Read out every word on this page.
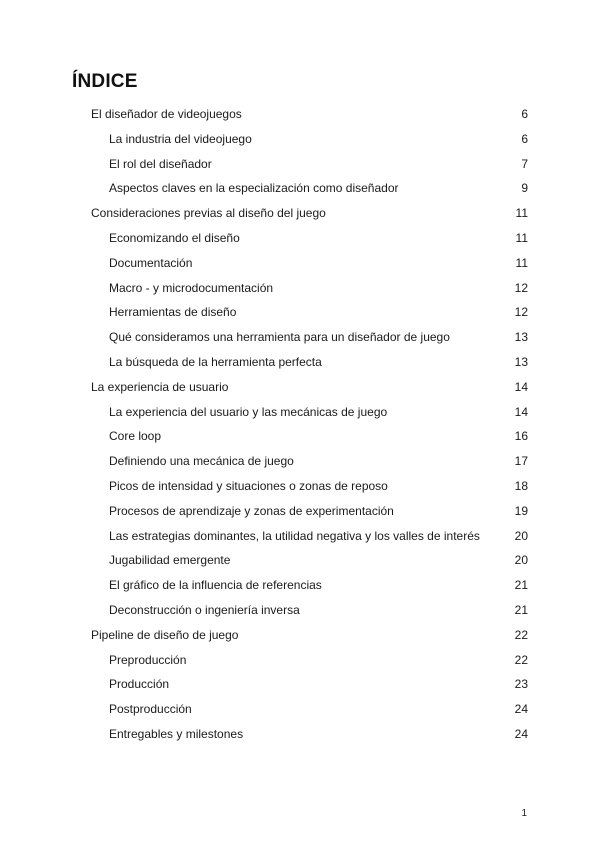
ÍNDICE
El diseñador de videojuegos	6
La industria del videojuego	6
El rol del diseñador	7
Aspectos claves en la especialización como diseñador	9
Consideraciones previas al diseño del juego	11
Economizando el diseño	11
Documentación	11
Macro - y microdocumentación	12
Herramientas de diseño	12
Qué consideramos una herramienta para un diseñador de juego	13
La búsqueda de la herramienta perfecta	13
La experiencia de usuario	14
La experiencia del usuario y las mecánicas de juego	14
Core loop	16
Definiendo una mecánica de juego	17
Picos de intensidad y situaciones o zonas de reposo	18
Procesos de aprendizaje y zonas de experimentación	19
Las estrategias dominantes, la utilidad negativa y los valles de interés	20
Jugabilidad emergente	20
El gráfico de la influencia de referencias	21
Deconstrucción o ingeniería inversa	21
Pipeline de diseño de juego	22
Preproducción	22
Producción	23
Postproducción	24
Entregables y milestones	24
1
